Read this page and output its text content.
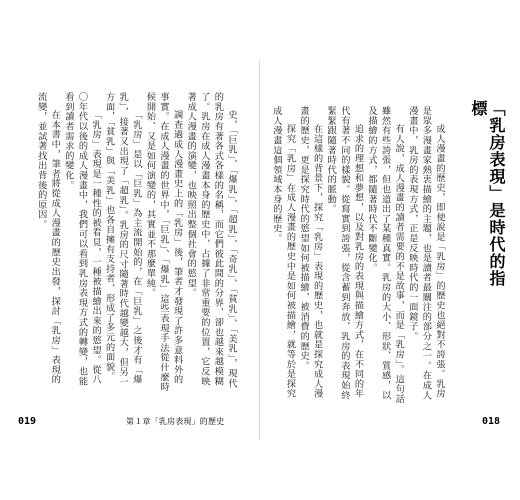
史，「巨乳」、「爆乳」、「超乳」、「奇乳」、「貧乳」、「美乳」，現代的乳房有著各式各樣的名稱，而它們彼此間的分界，卻也越來越模糊了。乳房在成人漫畫本身的歷史中，占據了非常重要的位置，它反映著成人漫畫的演變，也映照出整個社會的慾望。

調查過成人漫畫史上的「乳房」後，筆者才發現了許多意料外的事實。在成人漫畫的世界中，「巨乳」、「爆乳」這些表現手法從什麼時候開始、又是如何演變的，其實並不那麼單純。

「乳房」是以「巨乳」為主流開始的，在「巨乳」之後才有「爆乳」，接著又出現了「超乳」。乳房的尺寸隨著時代越變越大，但另一方面，「貧乳」與「美乳」也各自擁有支持者，形成了多元的面貌。

「乳房」表現是一種性的被看見，一種被描繪出來的慾望。從八〇年代以後的成人漫畫中，我們可以看到乳房表現方式的轉變，也能看到讀者需求的變化。

在本書中，筆者將從成人漫畫的歷史出發，探討「乳房」表現的流變，並試著找出背後的原因。

019	第１章「乳房表現」的歷史
「乳房表現」是時代的指標

成人漫畫的歷史，即使說是「乳房」的歷史也絕對不誇張。乳房是眾多漫畫家熱衷描繪的主題，也是讀者最關注的部分之一。在成人漫畫中，乳房的表現方式，正是反映時代的一面鏡子。

有人說，成人漫畫的讀者需要的不是故事，而是「乳房」。這句話雖然有些誇張，但也道出了某種真實。乳房的大小、形狀、質感，以及描繪的方式，都隨著時代不斷變化。

追求的理想和夢想，以及對乳房的表現與描繪方式，在不同的年代有著不同的樣貌。從寫實到誇張，從含蓄到奔放，乳房的表現始終緊緊跟隨著時代的脈動。

在這樣的背景下，探究「乳房」表現的歷史，也就是探究成人漫畫的歷史，更是探究時代的慾望如何被描繪、被消費的歷史。

探究「乳房」在成人漫畫的歷史中是如何被描繪，就等於是探究成人漫畫這個領域本身的歷史。

018
